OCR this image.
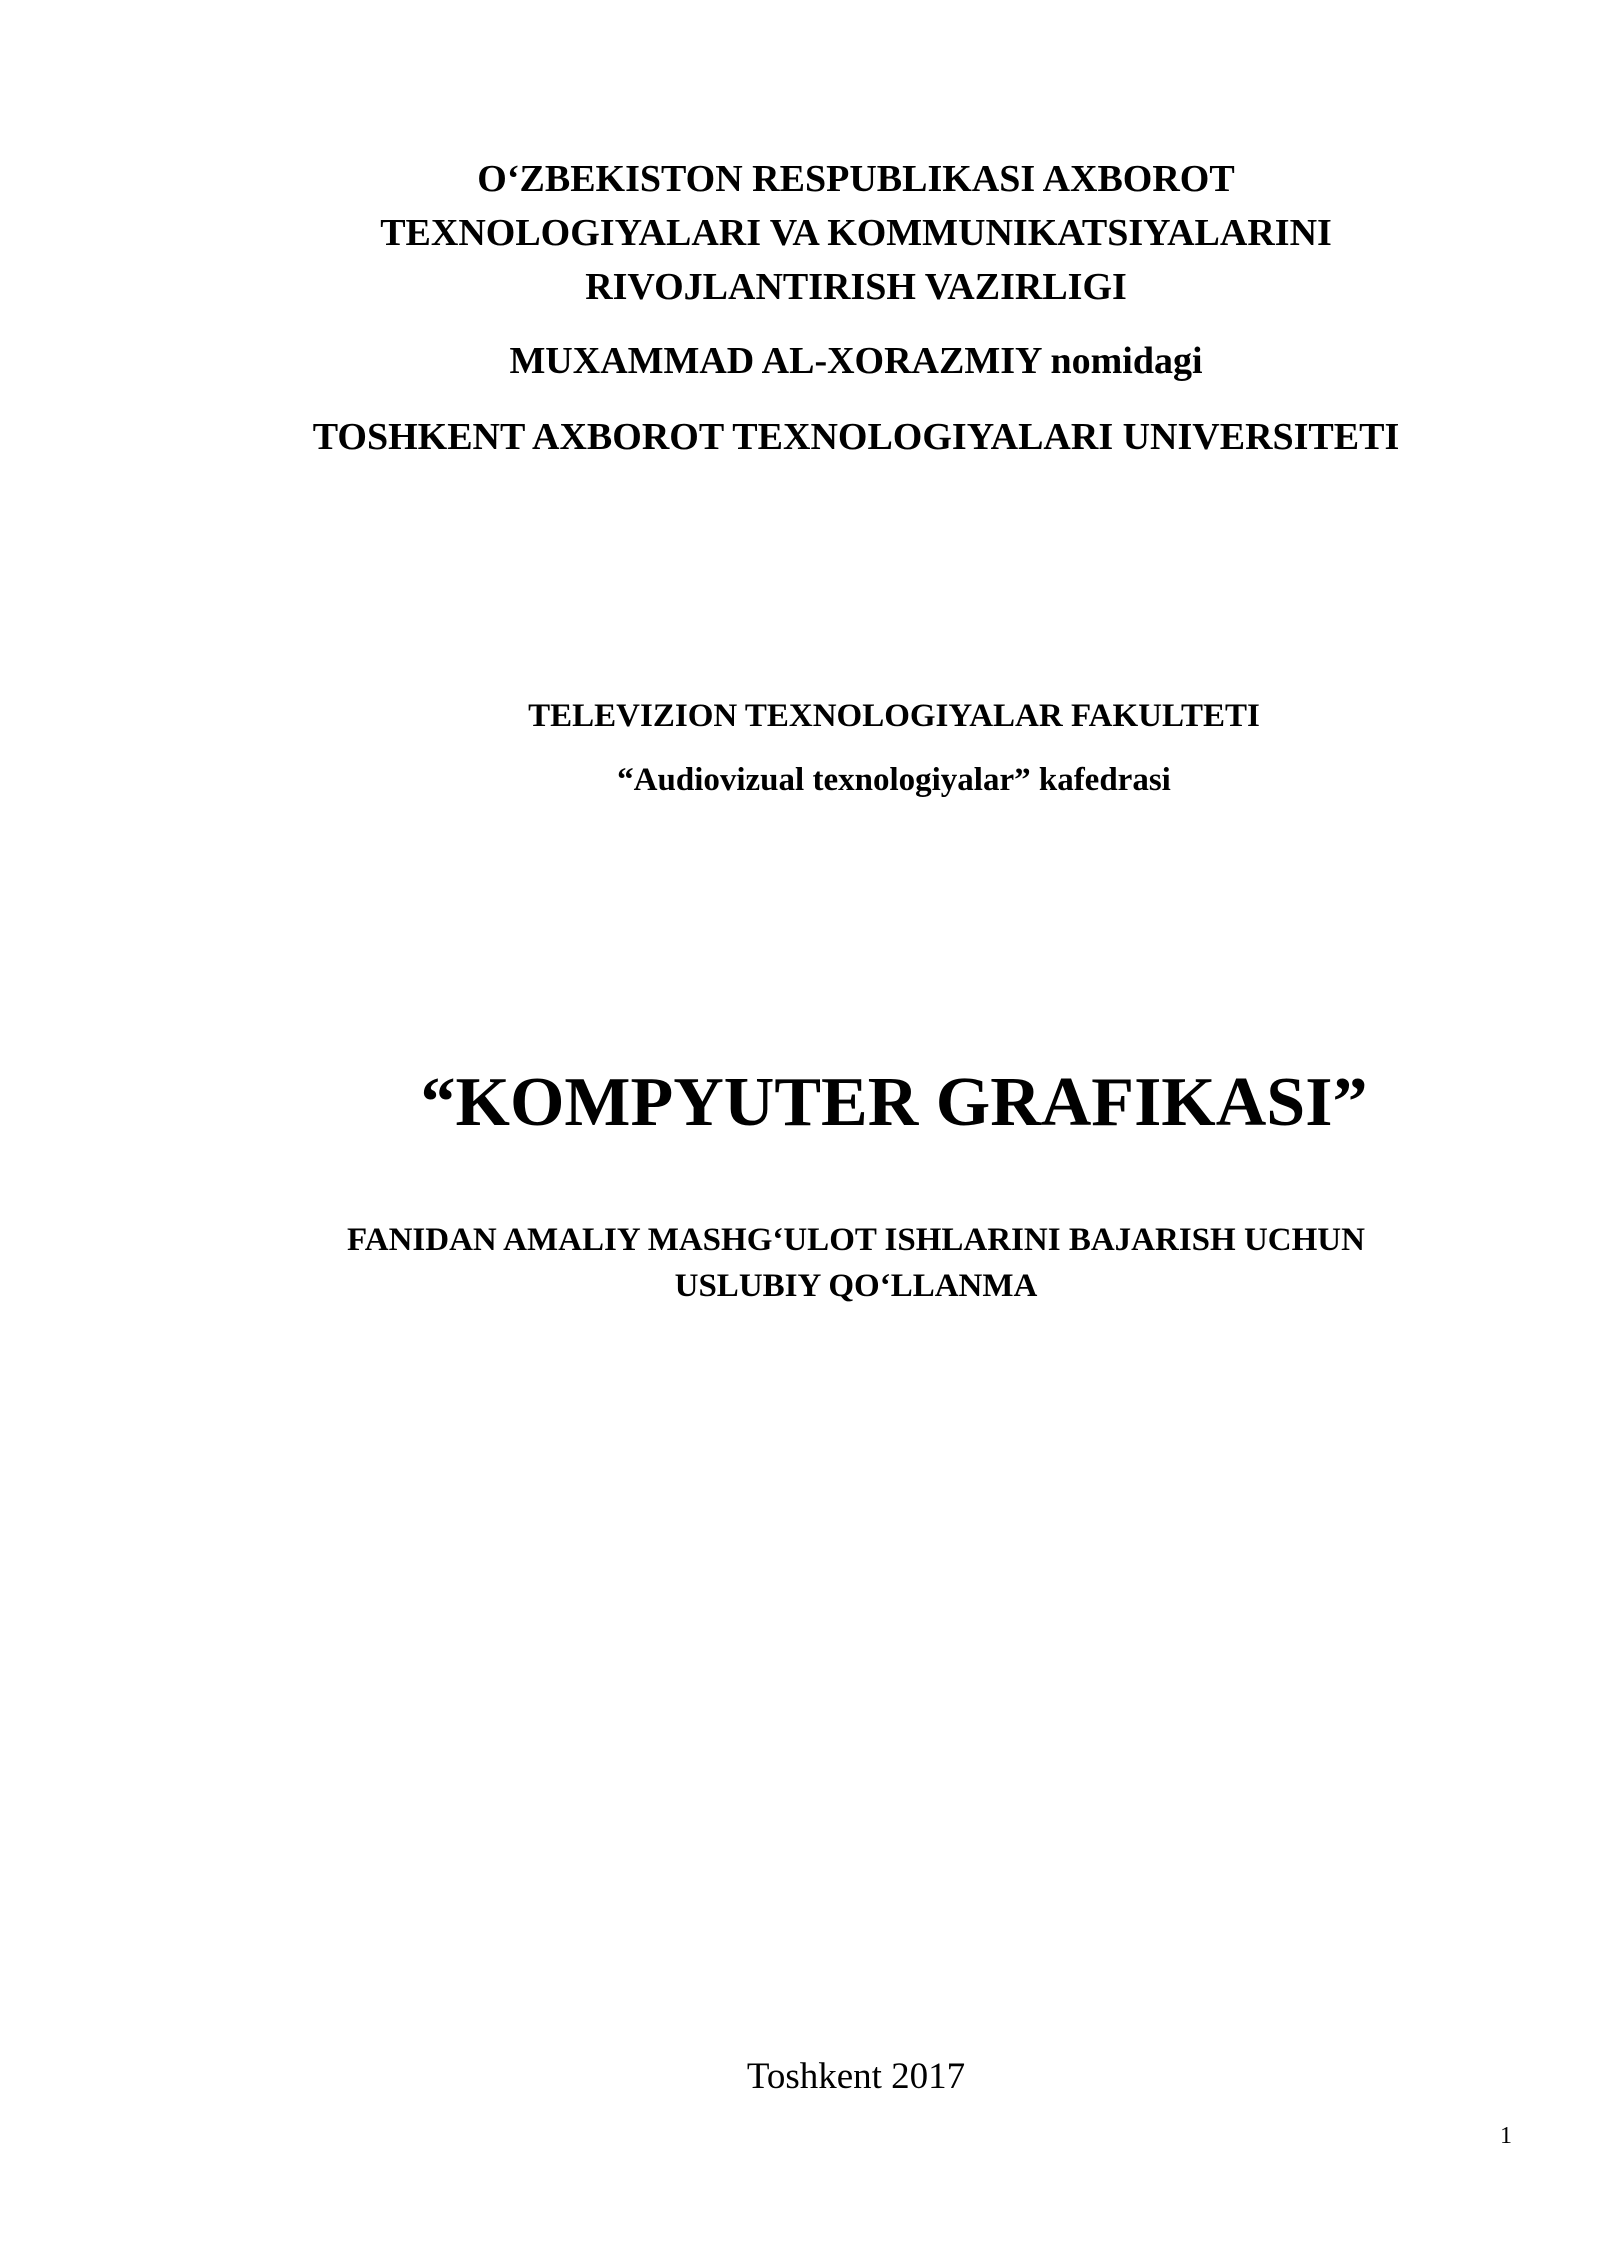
O‘ZBEKISTON RESPUBLIKASI AXBOROT
TEXNOLOGIYALARI VA KOMMUNIKATSIYALARINI
RIVOJLANTIRISH VAZIRLIGI
MUXAMMAD AL-XORAZMIY nomidagi
TOSHKENT AXBOROT TEXNOLOGIYALARI UNIVERSITETI
TELEVIZION TEXNOLOGIYALAR FAKULTETI
“Audiovizual texnologiyalar” kafedrasi
“KOMPYUTER GRAFIKASI”
FANIDAN AMALIY MASHG‘ULOT ISHLARINI BAJARISH UCHUN
USLUBIY QO‘LLANMA
Toshkent 2017
1
